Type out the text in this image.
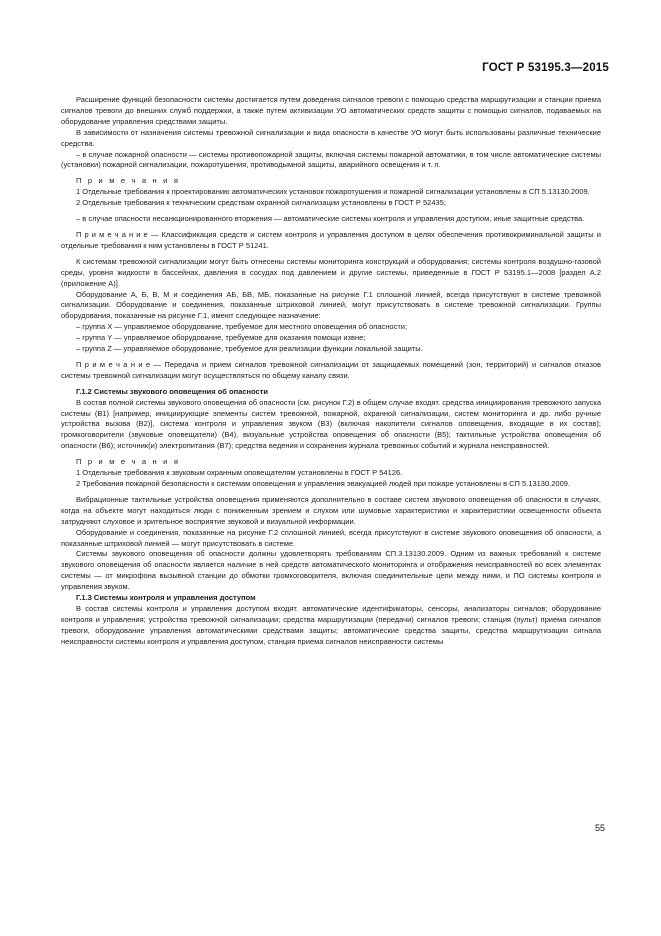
ГОСТ Р 53195.3—2015

Расширение функций безопасности системы достигается путем доведения сигналов тревоги с помощью средства маршрутизации и станции приема сигналов тревоги до внешних служб поддержки, а также путем активизации УО автоматических средств защиты с помощью сигналов, подаваемых на оборудование управления средствами защиты.

В зависимости от назначения системы тревожной сигнализации и вида опасности в качестве УО могут быть использованы различные технические средства.

– в случае пожарной опасности — системы противопожарной защиты, включая системы пожарной автоматики, в том числе автоматические системы (установки) пожарной сигнализации, пожаротушения, противодымной защиты, аварийного освещения и т. п.

П р и м е ч а н и я

1 Отдельные требования к проектированию автоматических установок пожаротушения и пожарной сигнализации установлены в СП 5.13130.2009.

2 Отдельные требования к техническим средствам охранной сигнализации установлены в ГОСТ Р 52435;

– в случае опасности несанкционированного вторжения — автоматические системы контроля и управления доступом, иные защитные средства.

П р и м е ч а н и е — Классификация средств и систем контроля и управления доступом в целях обеспечения противокриминальной защиты и отдельные требования к ним установлены в ГОСТ Р 51241.

К системам тревожной сигнализации могут быть отнесены системы мониторинга конструкций и оборудования; системы контроля воздушно-газовой среды, уровня жидкости в бассейнах, давления в сосудах под давлением и другие системы, приведенные в ГОСТ Р 53195.1—2008 [раздел А.2 (приложение А)].

Оборудование А, Б, В, М и соединения АБ, БВ, МБ, показанные на рисунке Г.1 сплошной линией, всегда присутствуют в системе тревожной сигнализации. Оборудование и соединения, показанные штриховой линией, могут присутствовать в системе тревожной сигнализации. Группы оборудования, показанные на рисунке Г.1, имеют следующее назначение:

– группа X — управляемое оборудование, требуемое для местного оповещения об опасности;

– группа Y — управляемое оборудование, требуемое для оказания помощи извне;

– группа Z — управляемое оборудование, требуемое для реализации функции локальной защиты.

П р и м е ч а н и е — Передача и прием сигналов тревожной сигнализации от защищаемых помещений (зон, территорий) и сигналов отказов системы тревожной сигнализации могут осуществляться по общему каналу связи.

Г.1.2 Системы звукового оповещения об опасности

В состав полной системы звукового оповещения об опасности (см. рисунок Г.2) в общем случае входят. средства инициирования тревожного запуска системы (B1) [например, инициирующие элементы систем тревожной, пожарной, охранной сигнализации, систем мониторинга и др. либо ручные устройства вызова (B2)], система контроля и управления звуком (B3) (включая накопители сигналов оповещения, входящие в их состав); громкоговорители (звуковые оповещатели) (B4), визуальные устройства оповещения об опасности (B5); тактильные устройства оповещения об опасности (B6); источник(и) электропитания (B7); средства ведения и сохранения журнала тревожных событий и журнала неисправностей.

П р и м е ч а н и я

1 Отдельные требования к звуковым охранным оповещателям установлены в ГОСТ Р 54126.

2 Требования пожарной безопасности к системам оповещения и управления эвакуацией людей при пожаре установлены в СП 5.13130.2009.

Вибрационные тактильные устройства оповещения применяются дополнительно в составе систем звукового оповещения об опасности в случаях, когда на объекте могут находиться люди с пониженным зрением и слухом или шумовые характеристики и характеристики освещенности объекта затрудняют слуховое и зрительное восприятие звуковой и визуальной информации.

Оборудование и соединения, показанные на рисунке Г.2 сплошной линией, всегда присутствуют в системе звукового оповещения об опасности, а показанные штриховой линией — могут присутствовать в системе.

Системы звукового оповещения об опасности должны удовлетворять требованиям СП.3.13130.2009. Одним из важных требований к системе звукового оповещения об опасности является наличие в ней средств автоматического мониторинга и отображения неисправностей во всех элементах системы — от микрофона вызывной станции до обмотки громкоговорителя, включая соединительные цепи между ними, и ПО системы контроля и управления звуком.

Г.1.3 Системы контроля и управления доступом

В состав системы контроля и управления доступом входят. автоматические идентификаторы, сенсоры, анализаторы сигналов; оборудование контроля и управления; устройства тревожной сигнализации; средства маршрутизации (передачи) сигналов тревоги; станция (пульт) приема сигналов тревоги, оборудование управления автоматическими средствами защиты; автоматические средства защиты, средства маршрутизации сигнала неисправности системы контроля и управления доступом, станция приема сигналов неисправности системы

55
